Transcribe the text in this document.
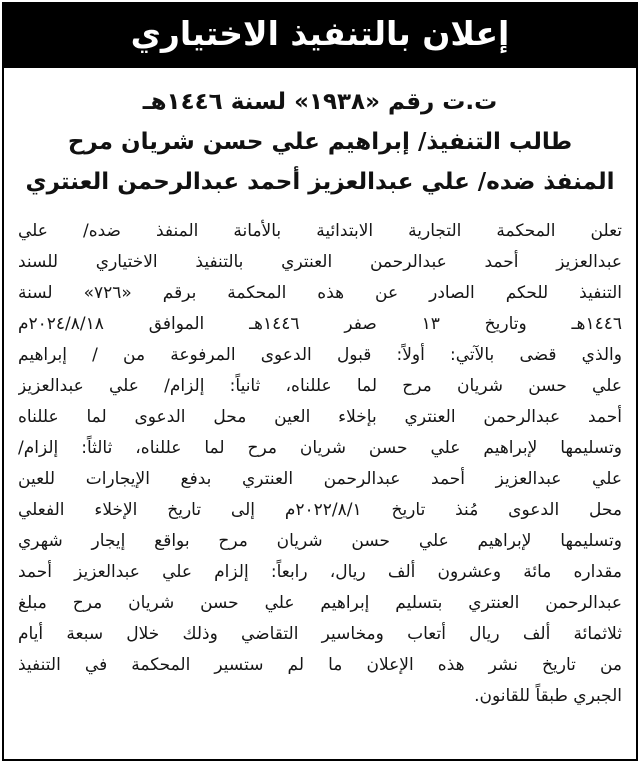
إعلان بالتنفيذ الاختياري
ت.ت رقم «١٩٣٨» لسنة ١٤٤٦هـ
طالب التنفيذ/ إبراهيم علي حسن شريان مرح
المنفذ ضده/ علي عبدالعزيز أحمد عبدالرحمن العنتري
تعلن المحكمة التجارية الابتدائية بالأمانة المنفذ ضده/ علي
عبدالعزيز أحمد عبدالرحمن العنتري بالتنفيذ الاختياري للسند
التنفيذ للحكم الصادر عن هذه المحكمة برقم «٧٢٦» لسنة
١٤٤٦هـ وتاريخ ١٣ صفر ١٤٤٦هـ الموافق ٢٠٢٤/٨/١٨م
والذي قضى بالآتي: أولاً: قبول الدعوى المرفوعة من / إبراهيم
علي حسن شريان مرح لما عللناه، ثانياً: إلزام/ علي عبدالعزيز
أحمد عبدالرحمن العنتري بإخلاء العين محل الدعوى لما عللناه
وتسليمها لإبراهيم علي حسن شريان مرح لما عللناه، ثالثاً: إلزام/
علي عبدالعزيز أحمد عبدالرحمن العنتري بدفع الإيجارات للعين
محل الدعوى مُنذ تاريخ ٢٠٢٢/٨/١م إلى تاريخ الإخلاء الفعلي
وتسليمها لإبراهيم علي حسن شريان مرح بواقع إيجار شهري
مقداره مائة وعشرون ألف ريال، رابعاً: إلزام علي عبدالعزيز أحمد
عبدالرحمن العنتري بتسليم إبراهيم علي حسن شريان مرح مبلغ
ثلاثمائة ألف ريال أتعاب ومخاسير التقاضي وذلك خلال سبعة أيام
من تاريخ نشر هذه الإعلان ما لم ستسير المحكمة في التنفيذ
الجبري طبقاً للقانون.
